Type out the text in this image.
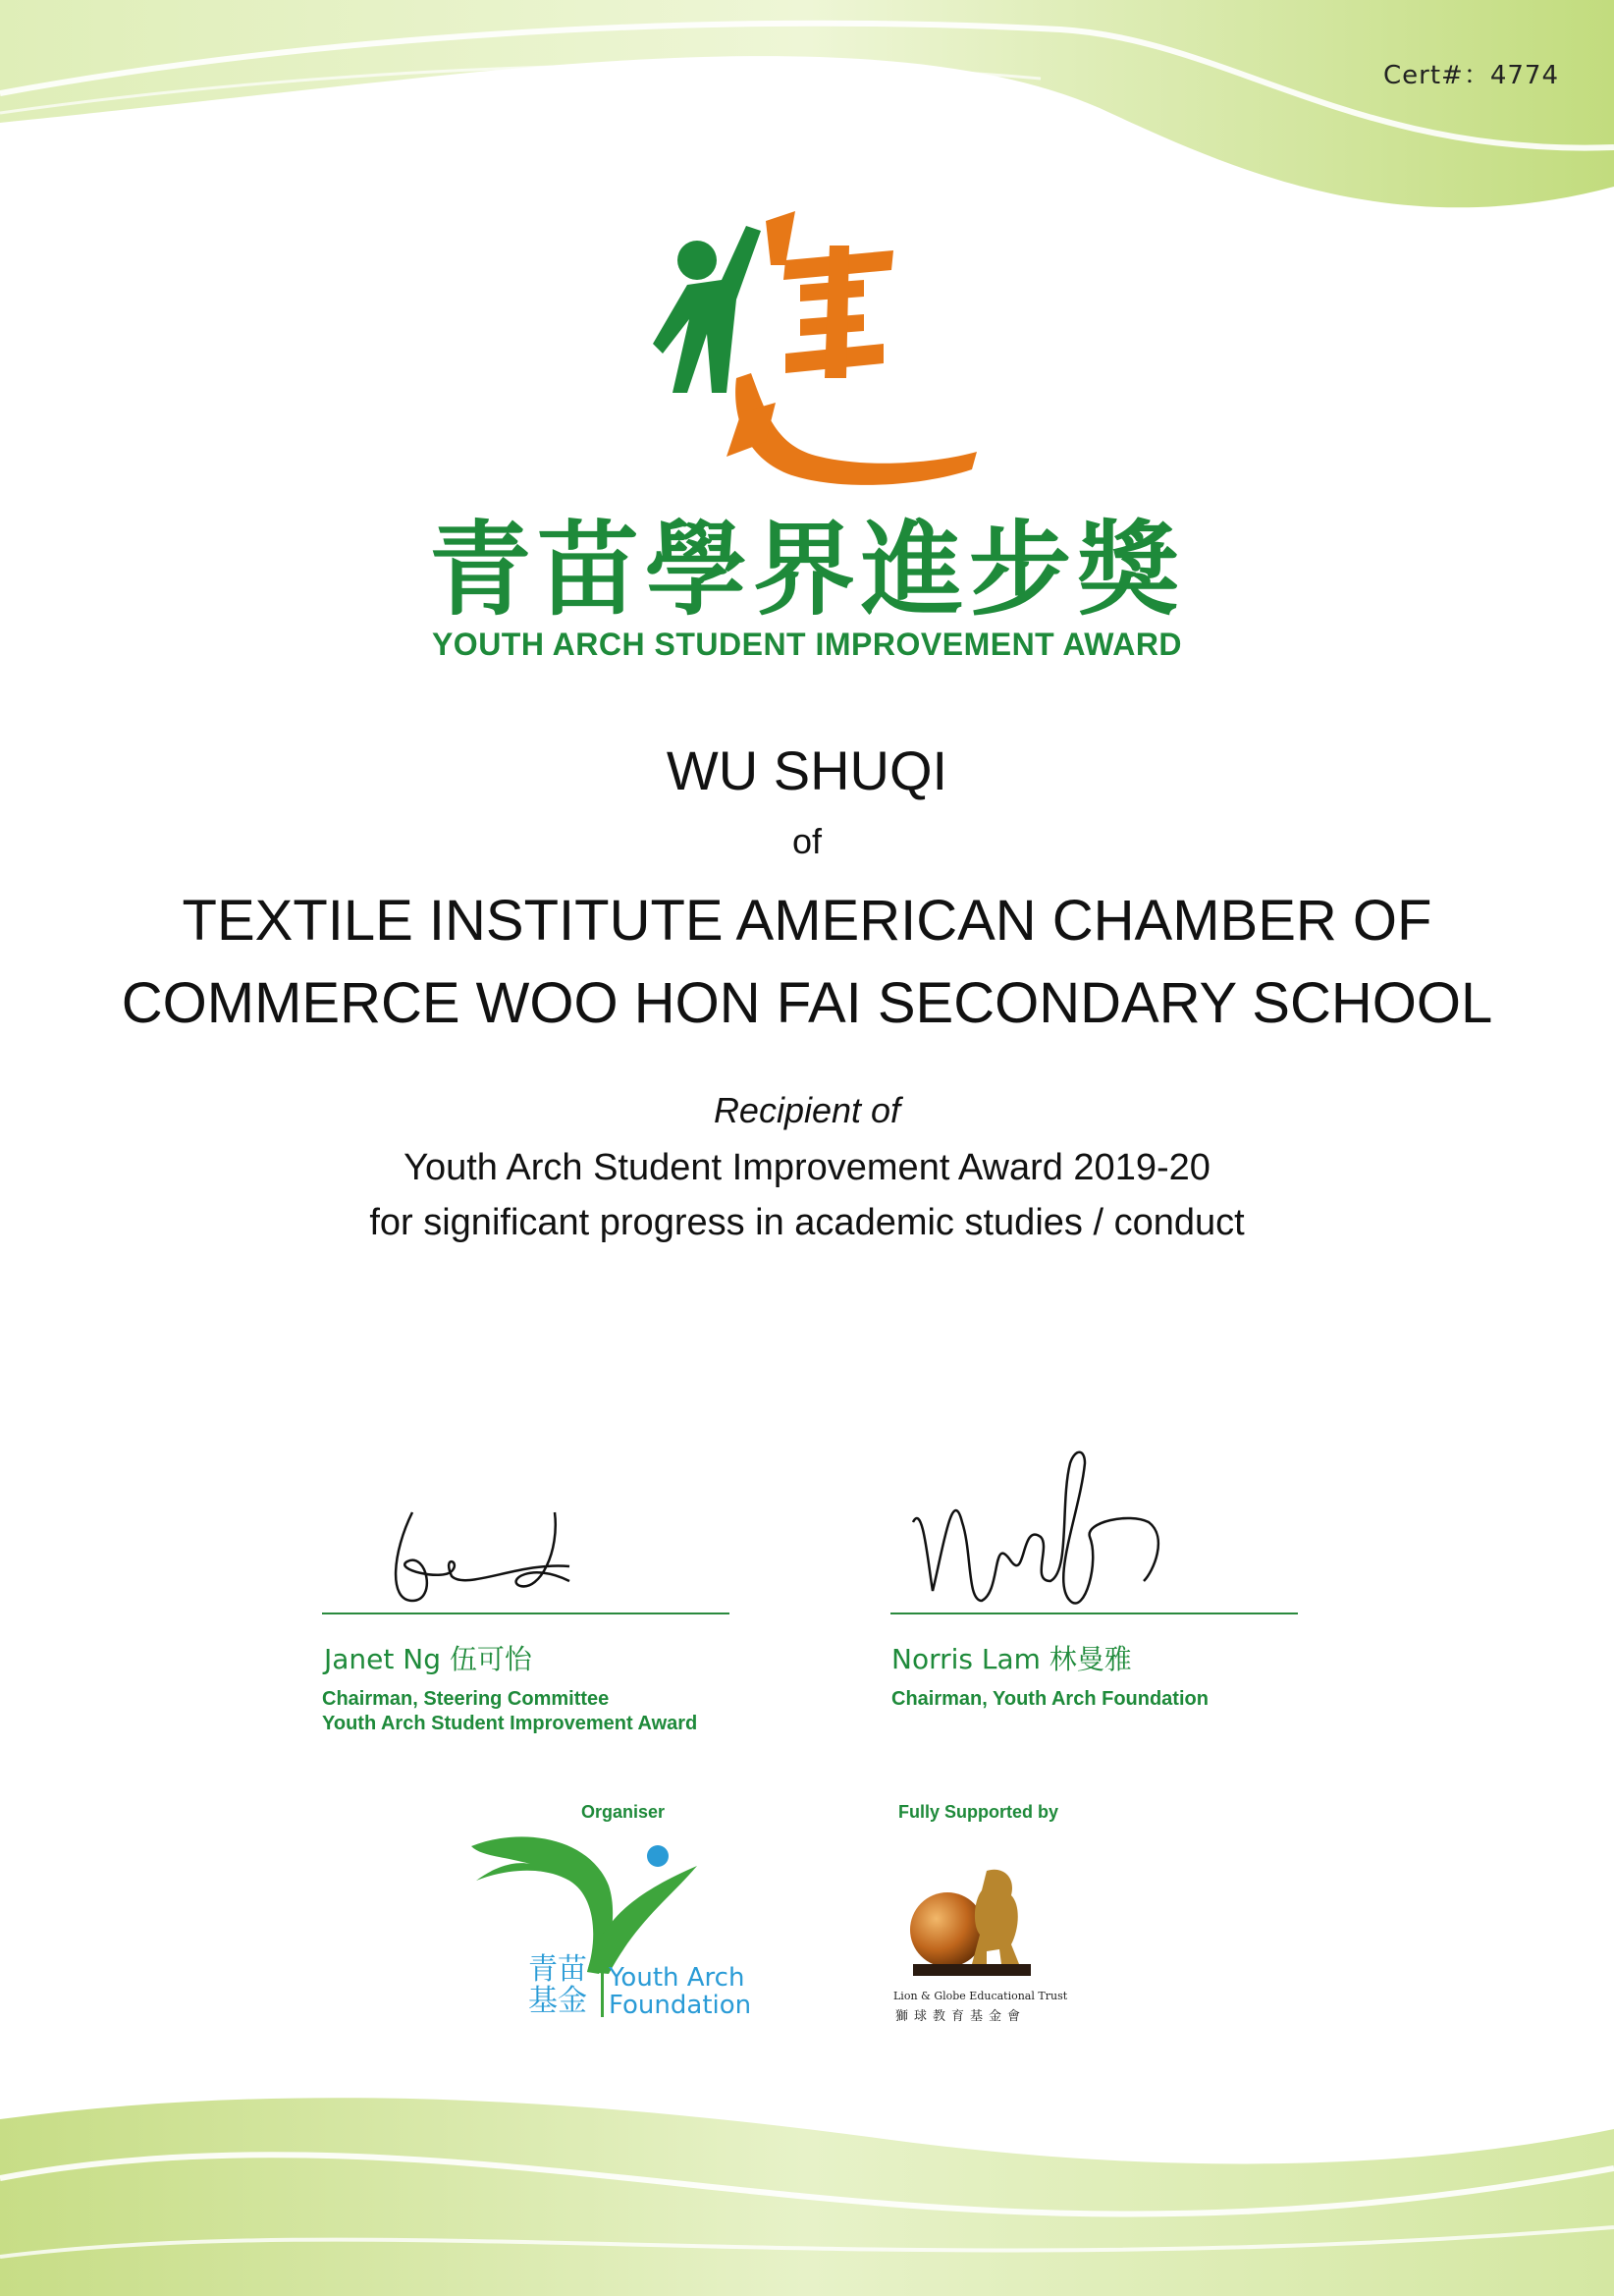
Cert#：4774
青苗學界進步獎
YOUTH ARCH STUDENT IMPROVEMENT AWARD
WU SHUQI
of
TEXTILE INSTITUTE AMERICAN CHAMBER OF
COMMERCE WOO HON FAI SECONDARY SCHOOL
Recipient of
Youth Arch Student Improvement Award 2019-20
for significant progress in academic studies / conduct
Janet Ng 伍可怡
Chairman, Steering Committee
Youth Arch Student Improvement Award
Norris Lam 林曼雅
Chairman, Youth Arch Foundation
Organiser
青苗
基金
Youth Arch
Foundation
Fully Supported by
Lion & Globe Educational Trust
獅球教育基金會
